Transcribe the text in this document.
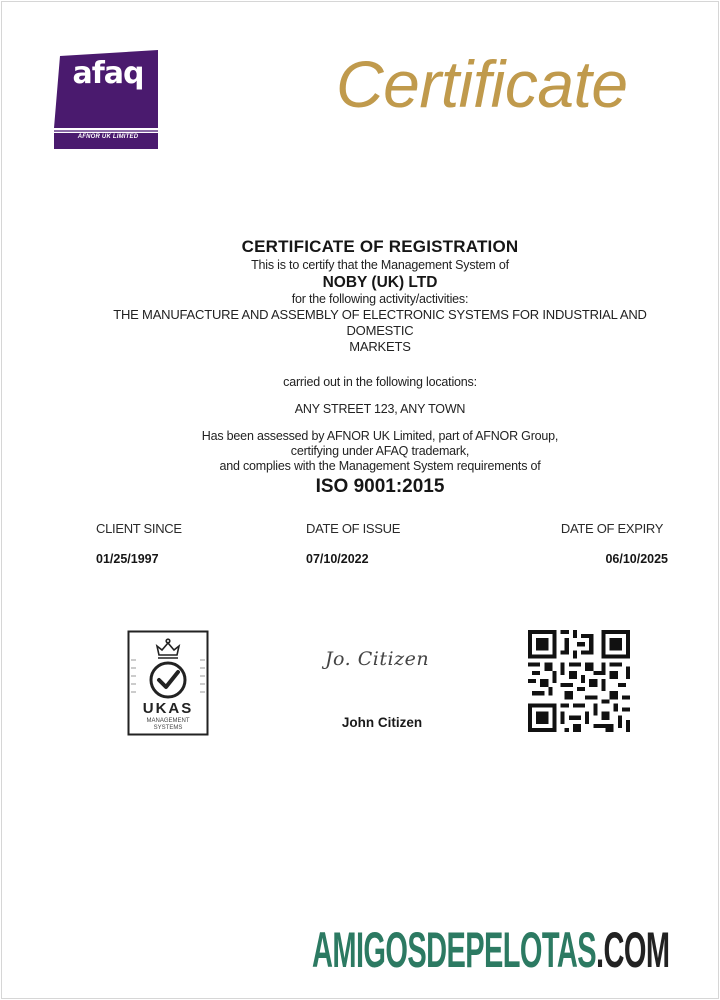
afaq
AFNOR UK LIMITED
Certificate
CERTIFICATE OF REGISTRATION
This is to certify that the Management System of
NOBY (UK) LTD
for the following activity/activities:
THE MANUFACTURE AND ASSEMBLY OF ELECTRONIC SYSTEMS FOR INDUSTRIAL AND
DOMESTIC
MARKETS
carried out in the following locations:
ANY STREET 123, ANY TOWN
Has been assessed by AFNOR UK Limited, part of AFNOR Group,
certifying under AFAQ trademark,
and complies with the Management System requirements of
ISO 9001:2015
CLIENT SINCE
01/25/1997
DATE OF ISSUE
07/10/2022
DATE OF EXPIRY
06/10/2025
UKAS
MANAGEMENT
SYSTEMS
Jo. Citizen
John Citizen
AMIGOSDEPELOTAS.COM
